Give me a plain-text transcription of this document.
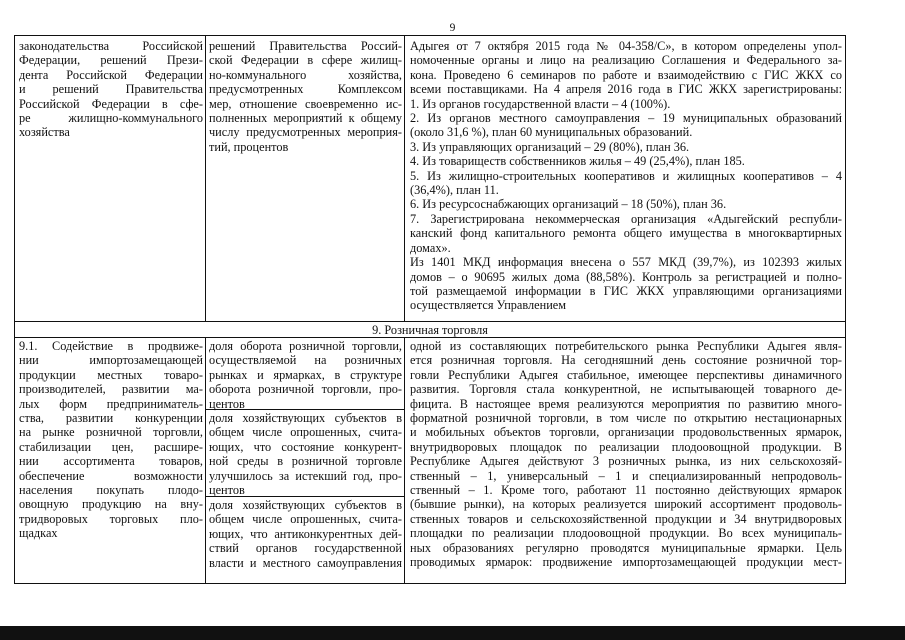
9
законодательства Российской
Федерации, решений Прези-
дента Российской Федерации
и решений Правительства
Российской Федерации в сфе-
ре жилищно-коммунального
хозяйства
решений Правительства Россий-
ской Федерации в сфере жилищ-
но-коммунального хозяйства,
предусмотренных Комплексом
мер, отношение своевременно ис-
полненных мероприятий к общему
числу предусмотренных мероприя-
тий, процентов
Адыгея от 7 октября 2015 года № 04-358/С», в котором определены упол-
номоченные органы и лицо на реализацию Соглашения и Федерального за-
кона. Проведено 6 семинаров по работе и взаимодействию с ГИС ЖКХ со
всеми поставщиками. На 4 апреля 2016 года в ГИС ЖКХ зарегистрированы:
1. Из органов государственной власти – 4 (100%).
2. Из органов местного самоуправления – 19 муниципальных образований
(около 31,6 %), план 60 муниципальных образований.
3. Из управляющих организаций – 29 (80%), план 36.
4. Из товариществ собственников жилья – 49 (25,4%), план 185.
5. Из жилищно-строительных кооперативов и жилищных кооперативов – 4
(36,4%), план 11.
6. Из ресурсоснабжающих организаций – 18 (50%), план 36.
7. Зарегистрирована некоммерческая организация «Адыгейский республи-
канский фонд капитального ремонта общего имущества в многоквартирных
домах».
Из 1401 МКД информация внесена о 557 МКД (39,7%), из 102393 жилых
домов – о 90695 жилых дома (88,58%). Контроль за регистрацией и полно-
той размещаемой информации в ГИС ЖКХ управляющими организациями
осуществляется Управлением
9. Розничная торговля
9.1. Содействие в продвиже-
нии импортозамещающей
продукции местных товаро-
производителей, развитии ма-
лых форм предприниматель-
ства, развитии конкуренции
на рынке розничной торговли,
стабилизации цен, расшире-
нии ассортимента товаров,
обеспечение возможности
населения покупать плодо-
овощную продукцию на вну-
тридворовых торговых пло-
щадках
доля оборота розничной торговли,
осуществляемой на розничных
рынках и ярмарках, в структуре
оборота розничной торговли, про-
центов
доля хозяйствующих субъектов в
общем числе опрошенных, счита-
ющих, что состояние конкурент-
ной среды в розничной торговле
улучшилось за истекший год, про-
центов
доля хозяйствующих субъектов в
общем числе опрошенных, счита-
ющих, что антиконкурентных дей-
ствий органов государственной
власти и местного самоуправления
одной из составляющих потребительского рынка Республики Адыгея явля-
ется розничная торговля. На сегодняшний день состояние розничной тор-
говли Республики Адыгея стабильное, имеющее перспективы динамичного
развития. Торговля стала конкурентной, не испытывающей товарного де-
фицита. В настоящее время реализуются мероприятия по развитию много-
форматной розничной торговли, в том числе по открытию нестационарных
и мобильных объектов торговли, организации продовольственных ярмарок,
внутридворовых площадок по реализации плодоовощной продукции. В
Республике Адыгея действуют 3 розничных рынка, из них сельскохозяй-
ственный – 1, универсальный – 1 и специализированный непродоволь-
ственный – 1. Кроме того, работают 11 постоянно действующих ярмарок
(бывшие рынки), на которых реализуется широкий ассортимент продоволь-
ственных товаров и сельскохозяйственной продукции и 34 внутридворовых
площадки по реализации плодоовощной продукции. Во всех муниципаль-
ных образованиях регулярно проводятся муниципальные ярмарки. Цель
проводимых ярмарок: продвижение импортозамещающей продукции мест-
